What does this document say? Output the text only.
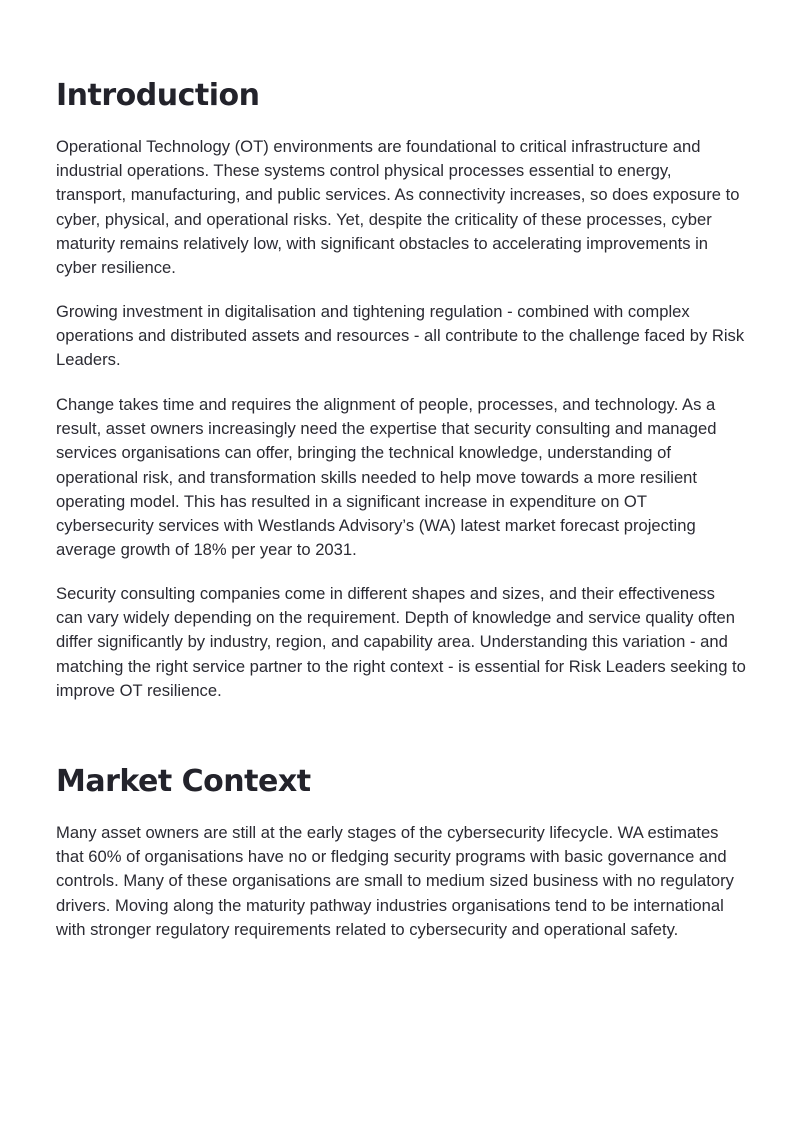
Introduction

Operational Technology (OT) environments are foundational to critical infrastructure and industrial operations. These systems control physical processes essential to energy, transport, manufacturing, and public services. As connectivity increases, so does exposure to cyber, physical, and operational risks. Yet, despite the criticality of these processes, cyber maturity remains relatively low, with significant obstacles to accelerating improvements in cyber resilience.

Growing investment in digitalisation and tightening regulation - combined with complex operations and distributed assets and resources - all contribute to the challenge faced by Risk Leaders.

Change takes time and requires the alignment of people, processes, and technology. As a result, asset owners increasingly need the expertise that security consulting and managed services organisations can offer, bringing the technical knowledge, understanding of operational risk, and transformation skills needed to help move towards a more resilient operating model. This has resulted in a significant increase in expenditure on OT cybersecurity services with Westlands Advisory’s (WA) latest market forecast projecting average growth of 18% per year to 2031.

Security consulting companies come in different shapes and sizes, and their effectiveness can vary widely depending on the requirement. Depth of knowledge and service quality often differ significantly by industry, region, and capability area. Understanding this variation - and matching the right service partner to the right context - is essential for Risk Leaders seeking to improve OT resilience.

Market Context

Many asset owners are still at the early stages of the cybersecurity lifecycle. WA estimates that 60% of organisations have no or fledging security programs with basic governance and controls. Many of these organisations are small to medium sized business with no regulatory drivers. Moving along the maturity pathway industries organisations tend to be international with stronger regulatory requirements related to cybersecurity and operational safety.
